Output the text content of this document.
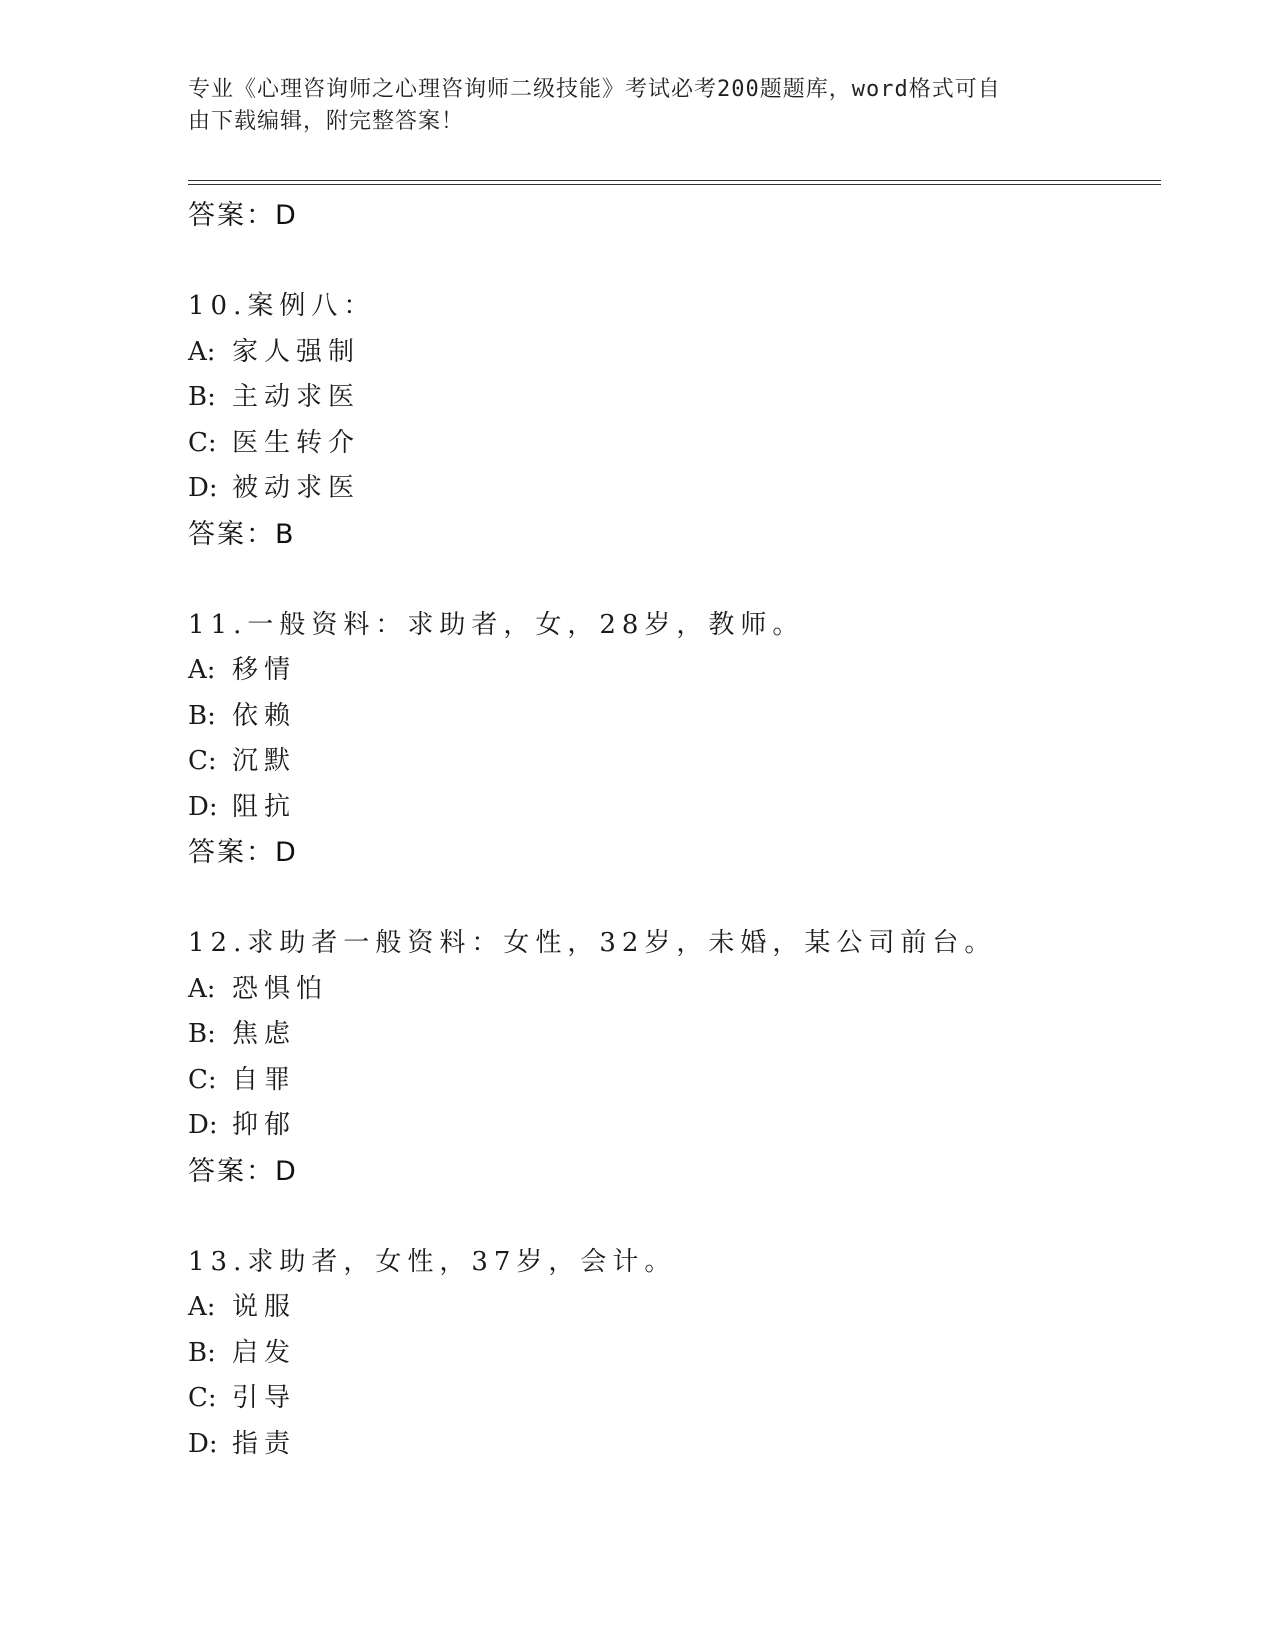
专业《心理咨询师之心理咨询师二级技能》考试必考200题题库，word格式可自
由下载编辑，附完整答案！
答案：D
10.案例八：
A: 家人强制
B: 主动求医
C: 医生转介
D: 被动求医
答案：B
11.一般资料：求助者，女，28岁，教师。
A: 移情
B: 依赖
C: 沉默
D: 阻抗
答案：D
12.求助者一般资料：女性，32岁，未婚，某公司前台。
A: 恐惧怕
B: 焦虑
C: 自罪
D: 抑郁
答案：D
13.求助者，女性，37岁，会计。
A: 说服
B: 启发
C: 引导
D: 指责
